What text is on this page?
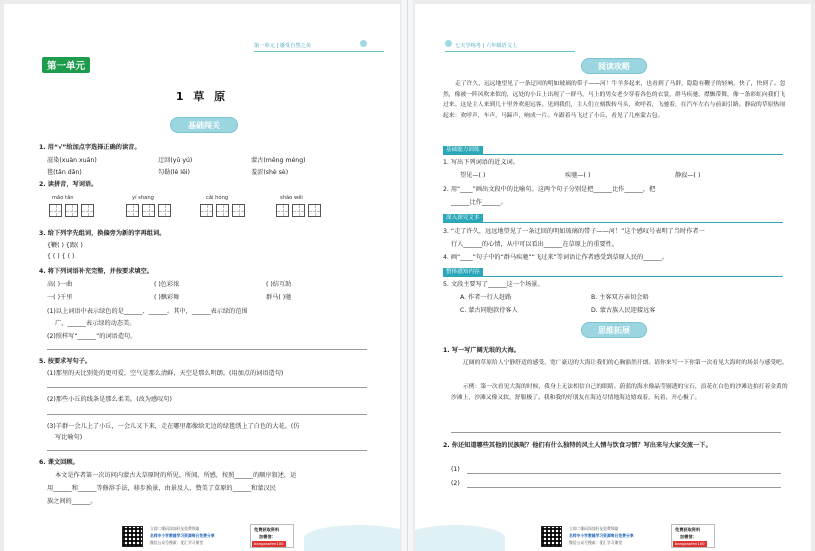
第一单元 | 感受自然之美
第一单元
1 草 原
基础闯关
1. 用“√”给加点字选择正确的读音。
渲染(xuàn xuān)	迂回(yū yú)	蒙古(měng méng)
毯(tǎn dǎn)	勾勒(lè lēi)	羞涩(shè sè)
2. 读拼音，写词语。
mǎo tǎn	yí shang	cǎi hóng	shāo wěi
3. 给下列字先组词，换偏旁为新的字再组词。
{鞭( ) {跟( )
{ ( ) { ( )
4. 将下列词语补充完整，并按要求填空。
高( )一曲	( )色彩浓	( )结互助
一( )千里	( )飘彩舞	群马( )驰
(1)以上词语中表示绿色的是______、______。其中，______表示绿的范围
广，______表示绿的动态美。
(2)照样写“______”的词语造句。
5. 按要求写句子。
(1)那里的天比别处的更可爱，空气是那么清鲜，天空是那么明朗。(用加点的词语造句)
(2)那些小丘的线条是那么柔美。(改为感叹句)
(3)羊群一会儿上了小丘，一会儿又下来，走在哪里都像给无边的绿毯绣上了白色的大花。(仿
写比喻句)
6. 课文回顾。
本文是作者第一次访问内蒙古大草原时的所见、所闻、所感，按照______的顺序叙述，运
用______和______等修辞手法，移步换景，由景及人，赞美了草原的______和蒙汉民
族之间的______。
立即二维码添加好友免费领取
名师中小学教辅学习资源每日免费分享
微信公众号搜索：优汇学习课堂
免费获取资料
加微信：
bangzaofen100
七天学练考 | 六年级语文上
阅读攻略
走了许久，远远地望见了一条迂回的明如玻璃的带子——河！牛羊多起来，也看到了马群，隐隐有鞭子的轻响，快了，快到了。忽然，像被一阵风吹来似的，远处的小丘上出现了一群马，马上的男女老少穿着各色的衣裳，群马疾驰，襟飘带舞，像一条彩虹向我们飞过来。这是主人来到几十里外欢迎远客。见到我们，主人们立刻拨转马头，欢呼着，飞驰着，在汽车左右与前面引路。静寂的草原热闹起来：欢呼声，车声，马蹄声，响成一片。车跟着马飞过了小丘，看见了几座蒙古包。
基础能力训练
1. 写出下列词语的近义词。
望见—( )	疾驰—( )	静寂—( )
2. 用“____”画出文段中的比喻句。这两个句子分别是把______比作______，把
______比作______。
深入探究文本
3. “走了许久，远远地望见了一条迂回的明如玻璃的带子——河！”这个感叹号表明了当时作者一
行人______的心情，从中可以看出______在草原上的重要性。
4. 画“____”句子中的“群马疾驰”“飞过来”等词语让作者感受到草原人民的______。
整体感知内容
5. 文段主要写了______这一个场景。
A. 作者一行人赶路	B. 主客双方亲切会晤
C. 蒙古同胞款待客人	D. 蒙古族人民迎接远客
思维拓展
1. 写一写广阔无垠的大海。
辽阔的草原给人宁静舒适的感受，宽广豪迈的大海让我们的心胸豁然开朗。请你来写一下你第一次看见大海时的场景与感受吧。
示例：第一次看见大海的时候，我身上无法相信自己的眼睛。蔚蓝的海水像晶莹剔透的宝石，浪花在白色的沙滩边拍打着金黄的沙滩上，沙滩又像又软，舒服极了。我和我的好朋友在海边尽情地海边嬉戏着，玩着，开心极了。
2. 你还知道哪些其他的民族呢？他们有什么独特的风土人情与饮食习惯？写出来与大家交流一下。
(1)
(2)
立即二维码添加好友免费领取
名师中小学教辅学习资源每日免费分享
微信公众号搜索：优汇学习课堂
免费获取资料
加微信：
bangzaofen100
